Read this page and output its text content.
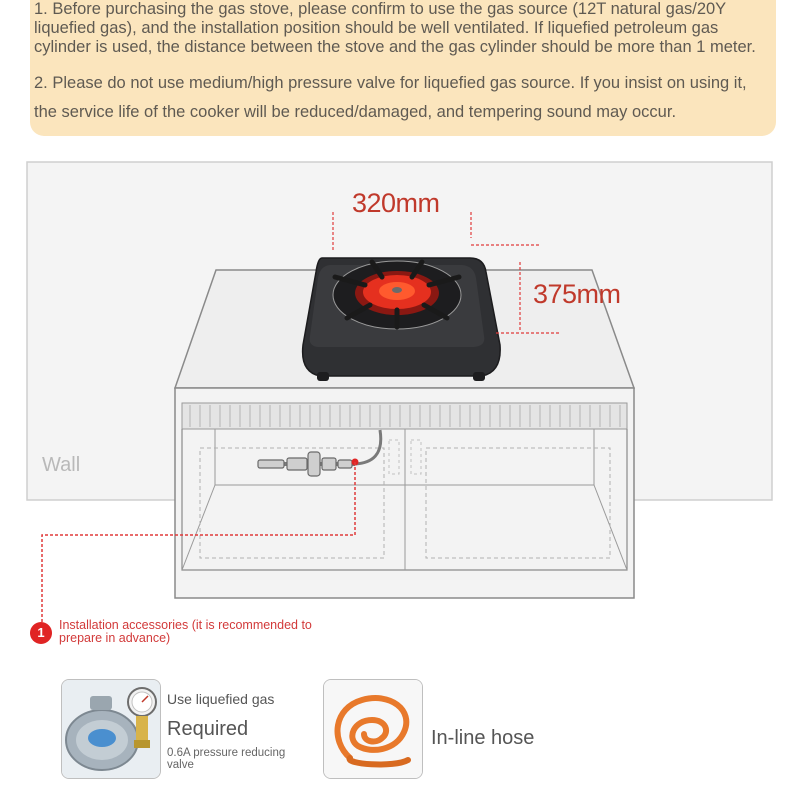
1. Before purchasing the gas stove, please confirm to use the gas source (12T natural gas/20Y liquefied gas), and the installation position should be well ventilated. If liquefied petroleum gas cylinder is used, the distance between the stove and the gas cylinder should be more than 1 meter.

2. Please do not use medium/high pressure valve for liquefied gas source. If you insist on using it, the service life of the cooker will be reduced/damaged, and tempering sound may occur.

320mm
375mm
Wall
1	Installation accessories (it is recommended to prepare in advance)
Use liquefied gas
Required
0.6A pressure reducing valve
In-line hose
